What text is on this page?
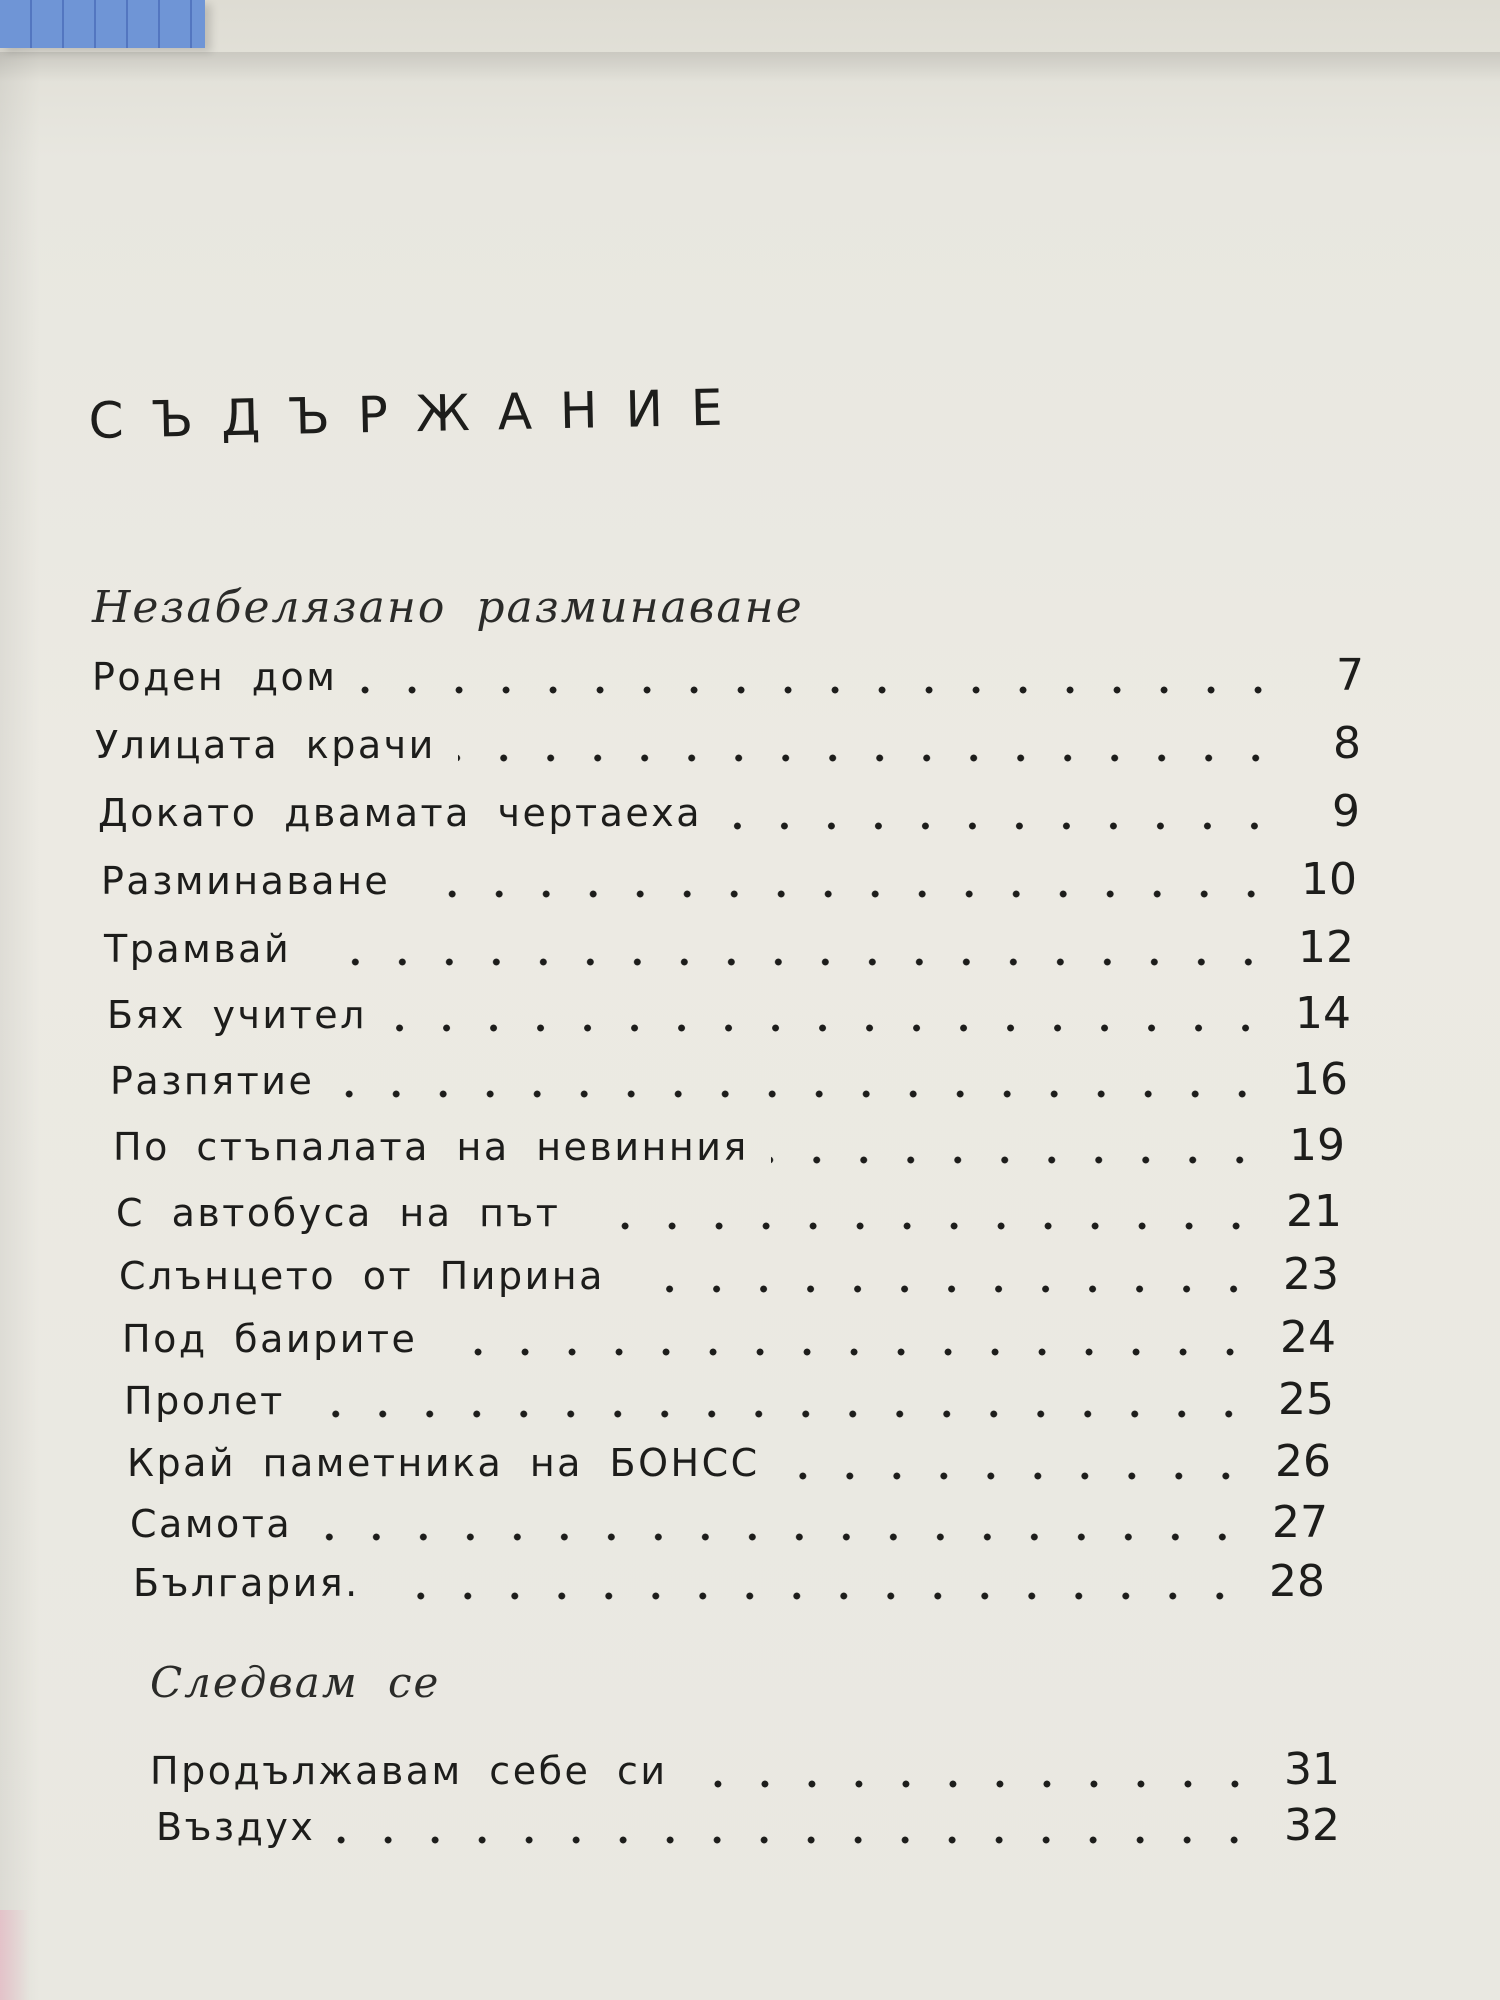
СЪДЪРЖАНИЕ
Незабелязано разминаване
Роден дом	7
Улицата крачи	8
Докато двамата чертаеха	9
Разминаване	10
Трамвай	12
Бях учител	14
Разпятие	16
По стъпалата на невинния	19
С автобуса на път	21
Слънцето от Пирина	23
Под баирите	24
Пролет	25
Край паметника на БОНСС	26
Самота	27
България.	28
Следвам се
Продължавам себе си	31
Въздух	32
